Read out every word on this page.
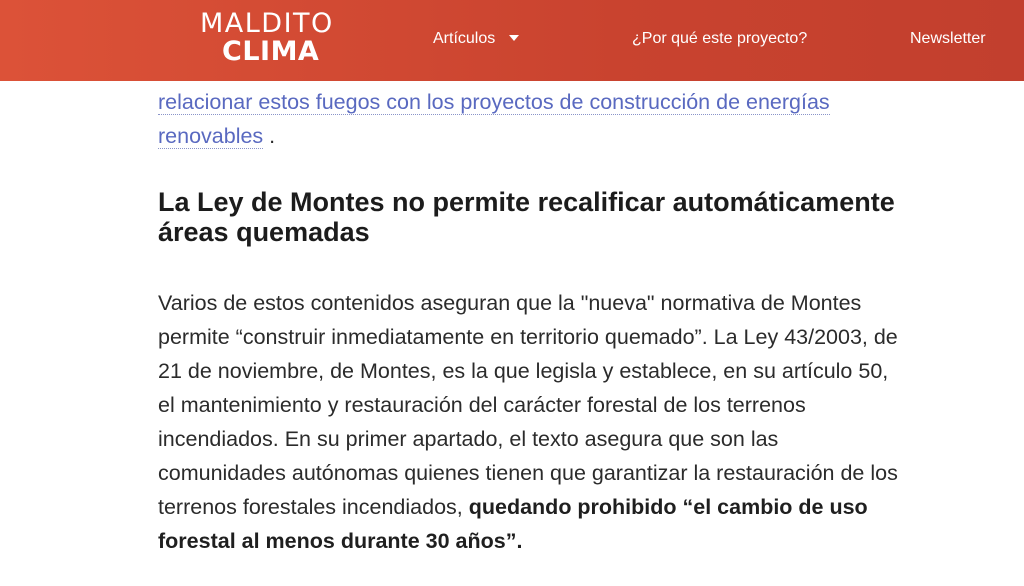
MALDITO
CLIMA	Artículos	¿Por qué este proyecto?	Newsletter

relacionar estos fuegos con los proyectos de construcción de energías renovables .

La Ley de Montes no permite recalificar automáticamente áreas quemadas

Varios de estos contenidos aseguran que la "nueva" normativa de Montes permite “construir inmediatamente en territorio quemado”. La Ley 43/2003, de 21 de noviembre, de Montes, es la que legisla y establece, en su artículo 50, el mantenimiento y restauración del carácter forestal de los terrenos incendiados. En su primer apartado, el texto asegura que son las comunidades autónomas quienes tienen que garantizar la restauración de los terrenos forestales incendiados, quedando prohibido “el cambio de uso forestal al menos durante 30 años”.
